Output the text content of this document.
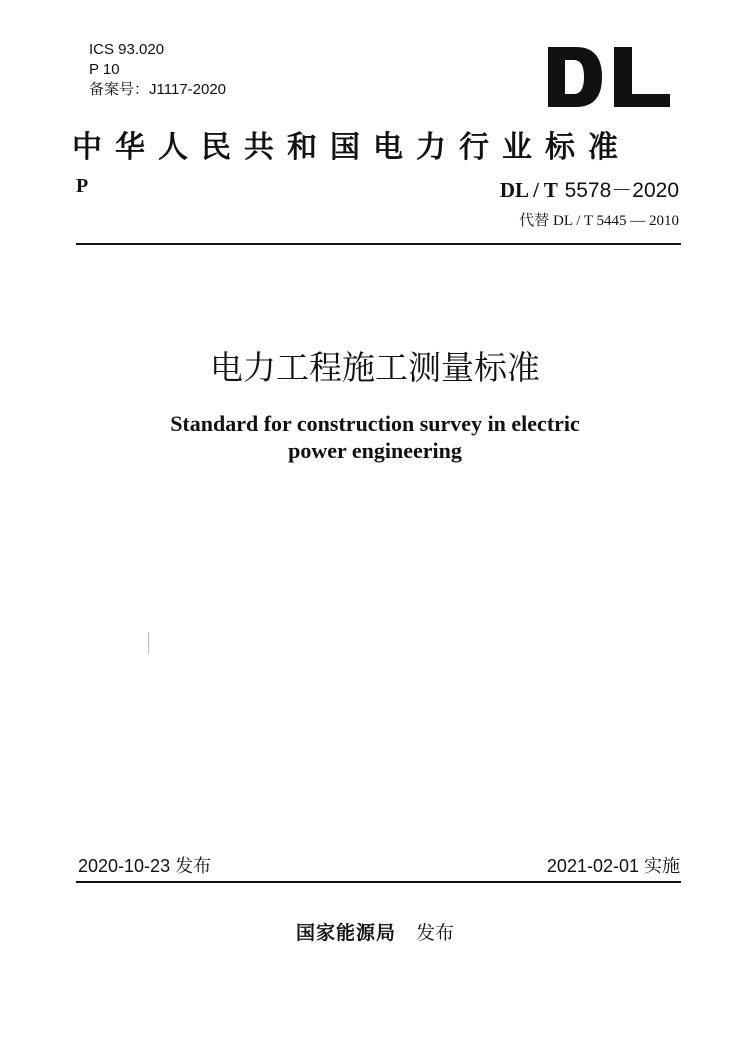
ICS 93.020
P 10
备案号：J1117-2020
中华人民共和国电力行业标准
P	DL / T 5578－2020
代替 DL / T 5445 — 2010
电力工程施工测量标准
Standard for construction survey in electric
power engineering
2020-10-23 发布	2021-02-01 实施
国家能源局 发布
